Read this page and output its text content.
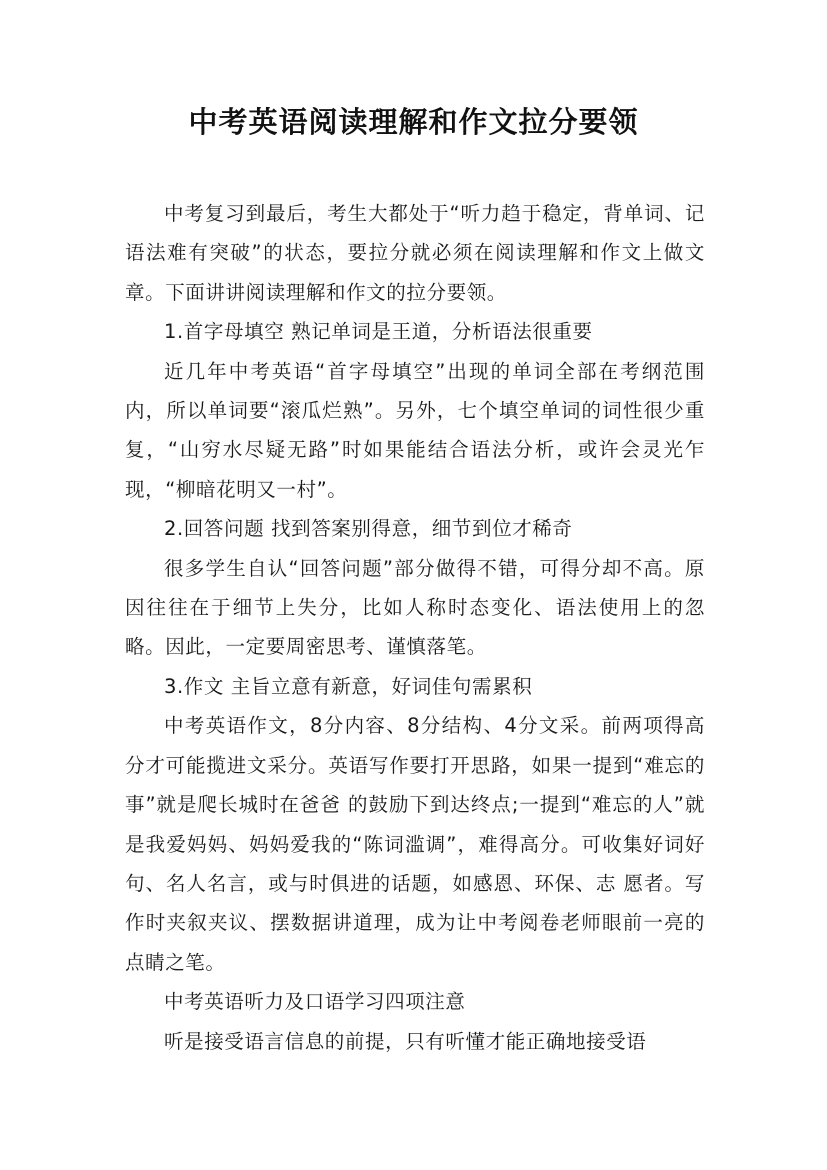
中考英语阅读理解和作文拉分要领

中考复习到最后，考生大都处于“听力趋于稳定，背单词、记语法难有突破”的状态，要拉分就必须在阅读理解和作文上做文章。下面讲讲阅读理解和作文的拉分要领。

1.首字母填空 熟记单词是王道，分析语法很重要

近几年中考英语“首字母填空”出现的单词全部在考纲范围内，所以单词要“滚瓜烂熟”。另外，七个填空单词的词性很少重复，“山穷水尽疑无路”时如果能结合语法分析，或许会灵光乍现，“柳暗花明又一村”。

2.回答问题 找到答案别得意，细节到位才稀奇

很多学生自认“回答问题”部分做得不错，可得分却不高。原因往往在于细节上失分，比如人称时态变化、语法使用上的忽略。因此，一定要周密思考、谨慎落笔。

3.作文 主旨立意有新意，好词佳句需累积

中考英语作文，8分内容、8分结构、4分文采。前两项得高分才可能揽进文采分。英语写作要打开思路，如果一提到“难忘的事”就是爬长城时在爸爸 的鼓励下到达终点;一提到“难忘的人”就是我爱妈妈、妈妈爱我的“陈词滥调”，难得高分。可收集好词好句、名人名言，或与时俱进的话题，如感恩、环保、志 愿者。写作时夹叙夹议、摆数据讲道理，成为让中考阅卷老师眼前一亮的点睛之笔。

中考英语听力及口语学习四项注意

听是接受语言信息的前提，只有听懂才能正确地接受语
